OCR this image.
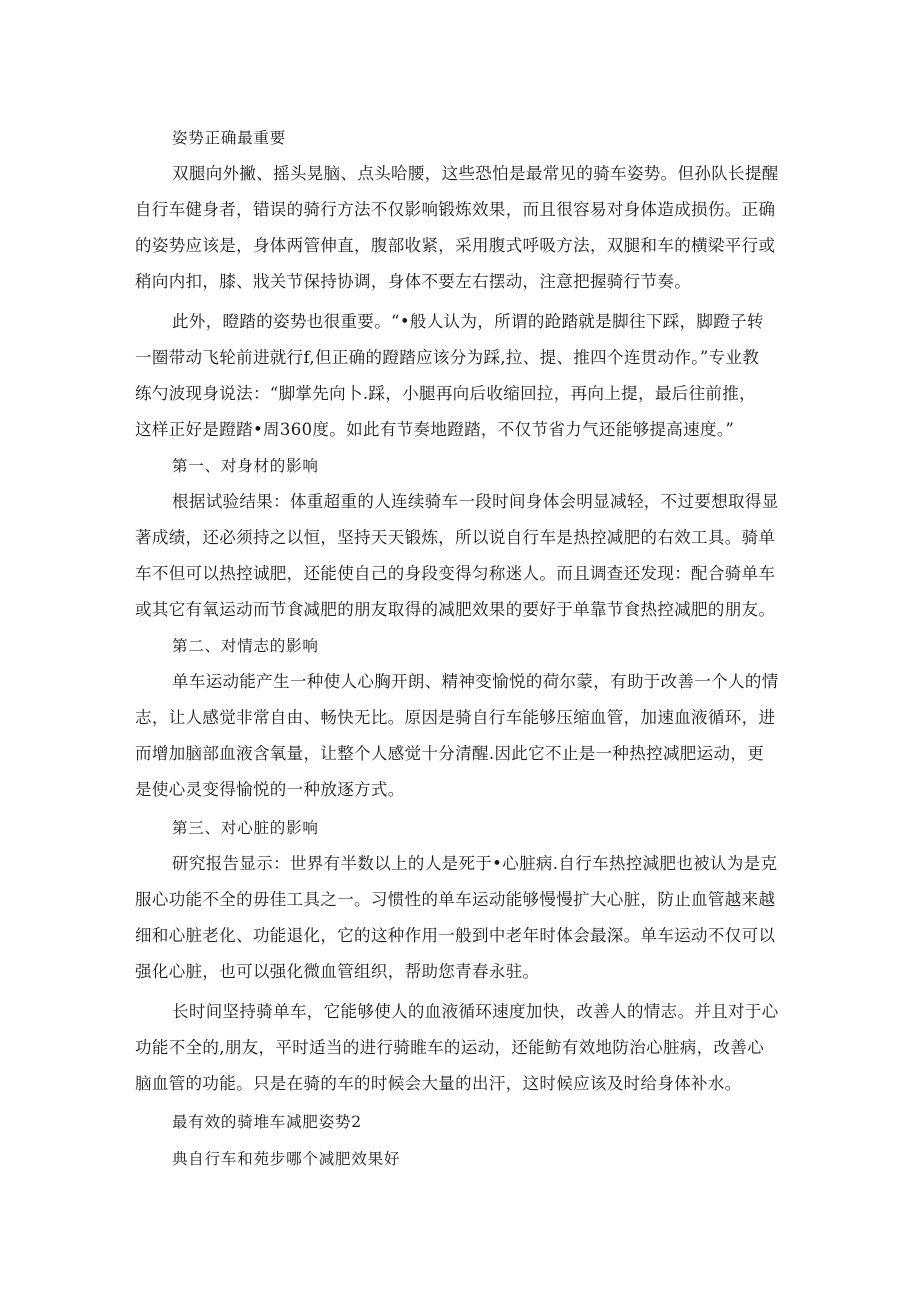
姿势正确最重要

双腿向外撇、摇头晃脑、点头哈腰，这些恐怕是最常见的骑车姿势。但孙队长提醒
自行车健身者，错误的骑行方法不仅影响锻炼效果，而且很容易对身体造成损伤。正确
的姿势应该是，身体两管伸直，腹部收紧，采用腹式呼吸方法，双腿和车的横梁平行或
稍向内扣，膝、戕关节保持协调，身体不要左右摆动，注意把握骑行节奏。
此外，瞪踏的姿势也很重要。“•般人认为，所谓的跄踏就是脚往下踩，脚蹬子转
一圈带动飞轮前进就行f,但正确的蹬踏应该分为踩,拉、提、推四个连贯动作。”专业教
练勺波现身说法：“脚掌先向卜.踩，小腿再向后收缩回拉，再向上提，最后往前推，
这样正好是蹬踏•周360度。如此有节奏地蹬踏，不仅节省力气还能够提高速度。”

第一、对身材的影响

根据试验结果：体重超重的人连续骑车一段时间身体会明显减轻，不过要想取得显
著成绩，还必须持之以恒，坚持天天锻炼，所以说自行车是热控减肥的右效工具。骑单
车不但可以热控诚肥，还能使自己的身段变得匀称迷人。而且调查还发现：配合骑单车
或其它有氧运动而节食减肥的朋友取得的减肥效果的要好于单靠节食热控减肥的朋友。

第二、对情志的影响

单车运动能产生一种使人心胸开朗、精神变愉悦的荷尔蒙，有助于改善一个人的情
志，让人感觉非常自由、畅快无比。原因是骑自行车能够压缩血管，加速血液循环，进
而增加脑部血液含氧量，让整个人感觉十分清醒.因此它不止是一种热控减肥运动，更
是使心灵变得愉悦的一种放逐方式。

第三、对心脏的影响

研究报告显示：世界有半数以上的人是死于•心脏病.自行车热控減肥也被认为是克
服心功能不全的毋佳工具之一。习惯性的单车运动能够慢慢扩大心脏，防止血管越来越
细和心脏老化、功能退化，它的这种作用一般到中老年时体会最深。单车运动不仅可以
强化心脏，也可以强化微血管组织，帮助您青春永驻。
长时间坚持骑单车，它能够使人的血液循环速度加快，改善人的情志。并且对于心
功能不全的,朋友，平时适当的进行骑睢车的运动，还能鲂有效地防治心脏病，改善心
脑血管的功能。只是在骑的车的时候会大量的出汗，这时候应该及时给身体补水。

最有效的骑堆车减肥姿势2

典自行车和苑步哪个减肥效果好
